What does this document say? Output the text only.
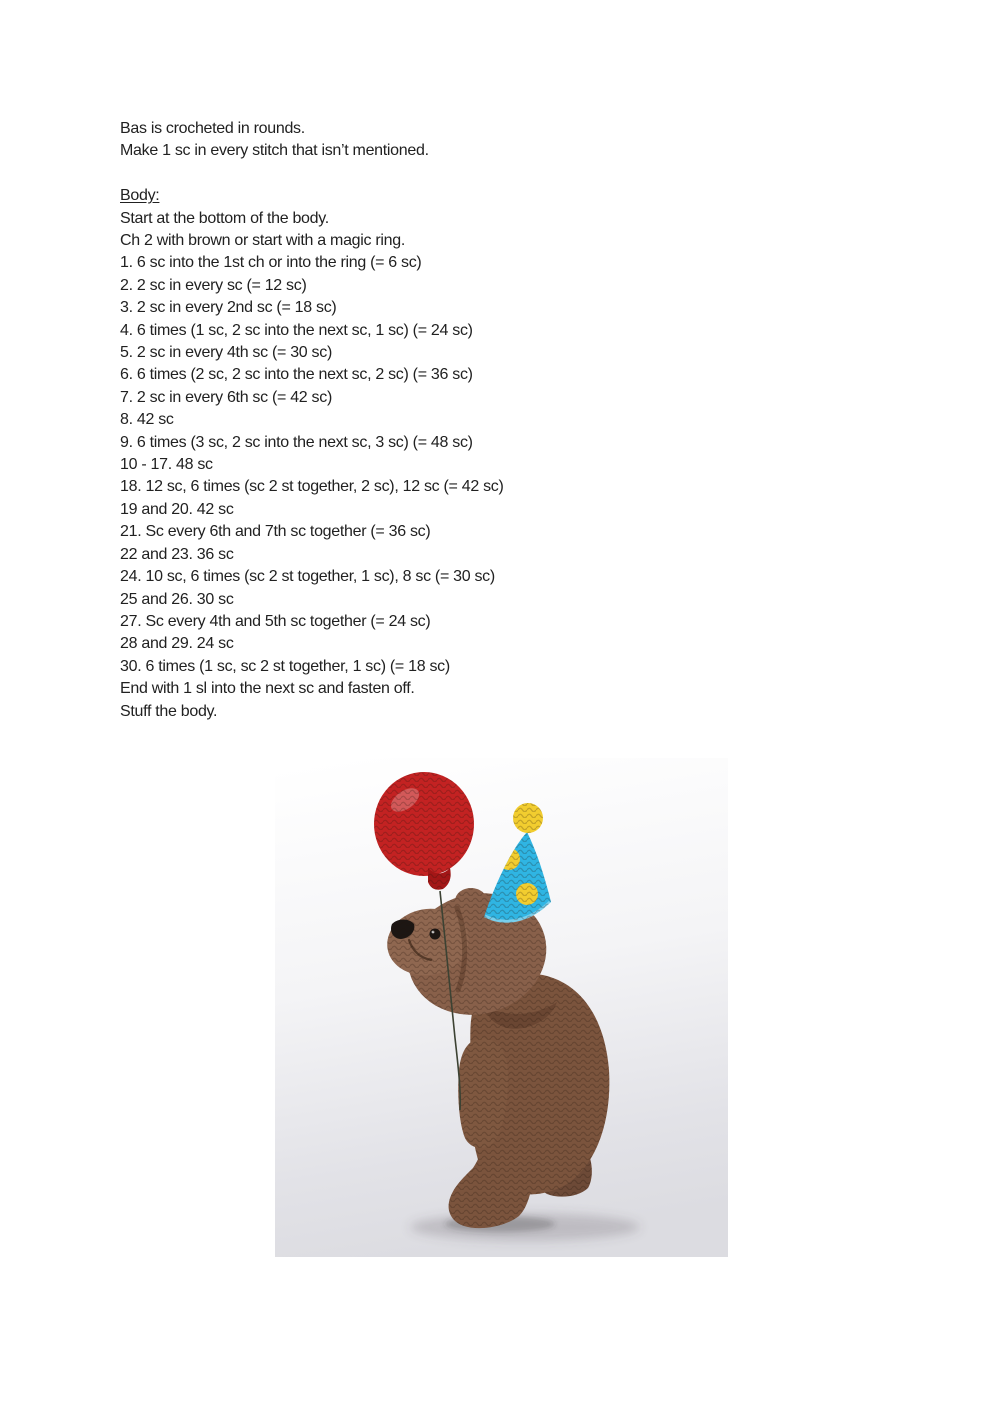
Bas is crocheted in rounds.
Make 1 sc in every stitch that isn’t mentioned.
Body:
Start at the bottom of the body.
Ch 2 with brown or start with a magic ring.
1. 6 sc into the 1st ch or into the ring (= 6 sc)
2. 2 sc in every sc (= 12 sc)
3. 2 sc in every 2nd sc (= 18 sc)
4. 6 times (1 sc, 2 sc into the next sc, 1 sc) (= 24 sc)
5. 2 sc in every 4th sc (= 30 sc)
6. 6 times (2 sc, 2 sc into the next sc, 2 sc) (= 36 sc)
7. 2 sc in every 6th sc (= 42 sc)
8. 42 sc
9. 6 times (3 sc, 2 sc into the next sc, 3 sc) (= 48 sc)
10 - 17. 48 sc
18. 12 sc, 6 times (sc 2 st together, 2 sc), 12 sc (= 42 sc)
19 and 20. 42 sc
21. Sc every 6th and 7th sc together (= 36 sc)
22 and 23. 36 sc
24. 10 sc, 6 times (sc 2 st together, 1 sc), 8 sc (= 30 sc)
25 and 26. 30 sc
27. Sc every 4th and 5th sc together (= 24 sc)
28 and 29. 24 sc
30. 6 times (1 sc, sc 2 st together, 1 sc) (= 18 sc)
End with 1 sl into the next sc and fasten off.
Stuff the body.
